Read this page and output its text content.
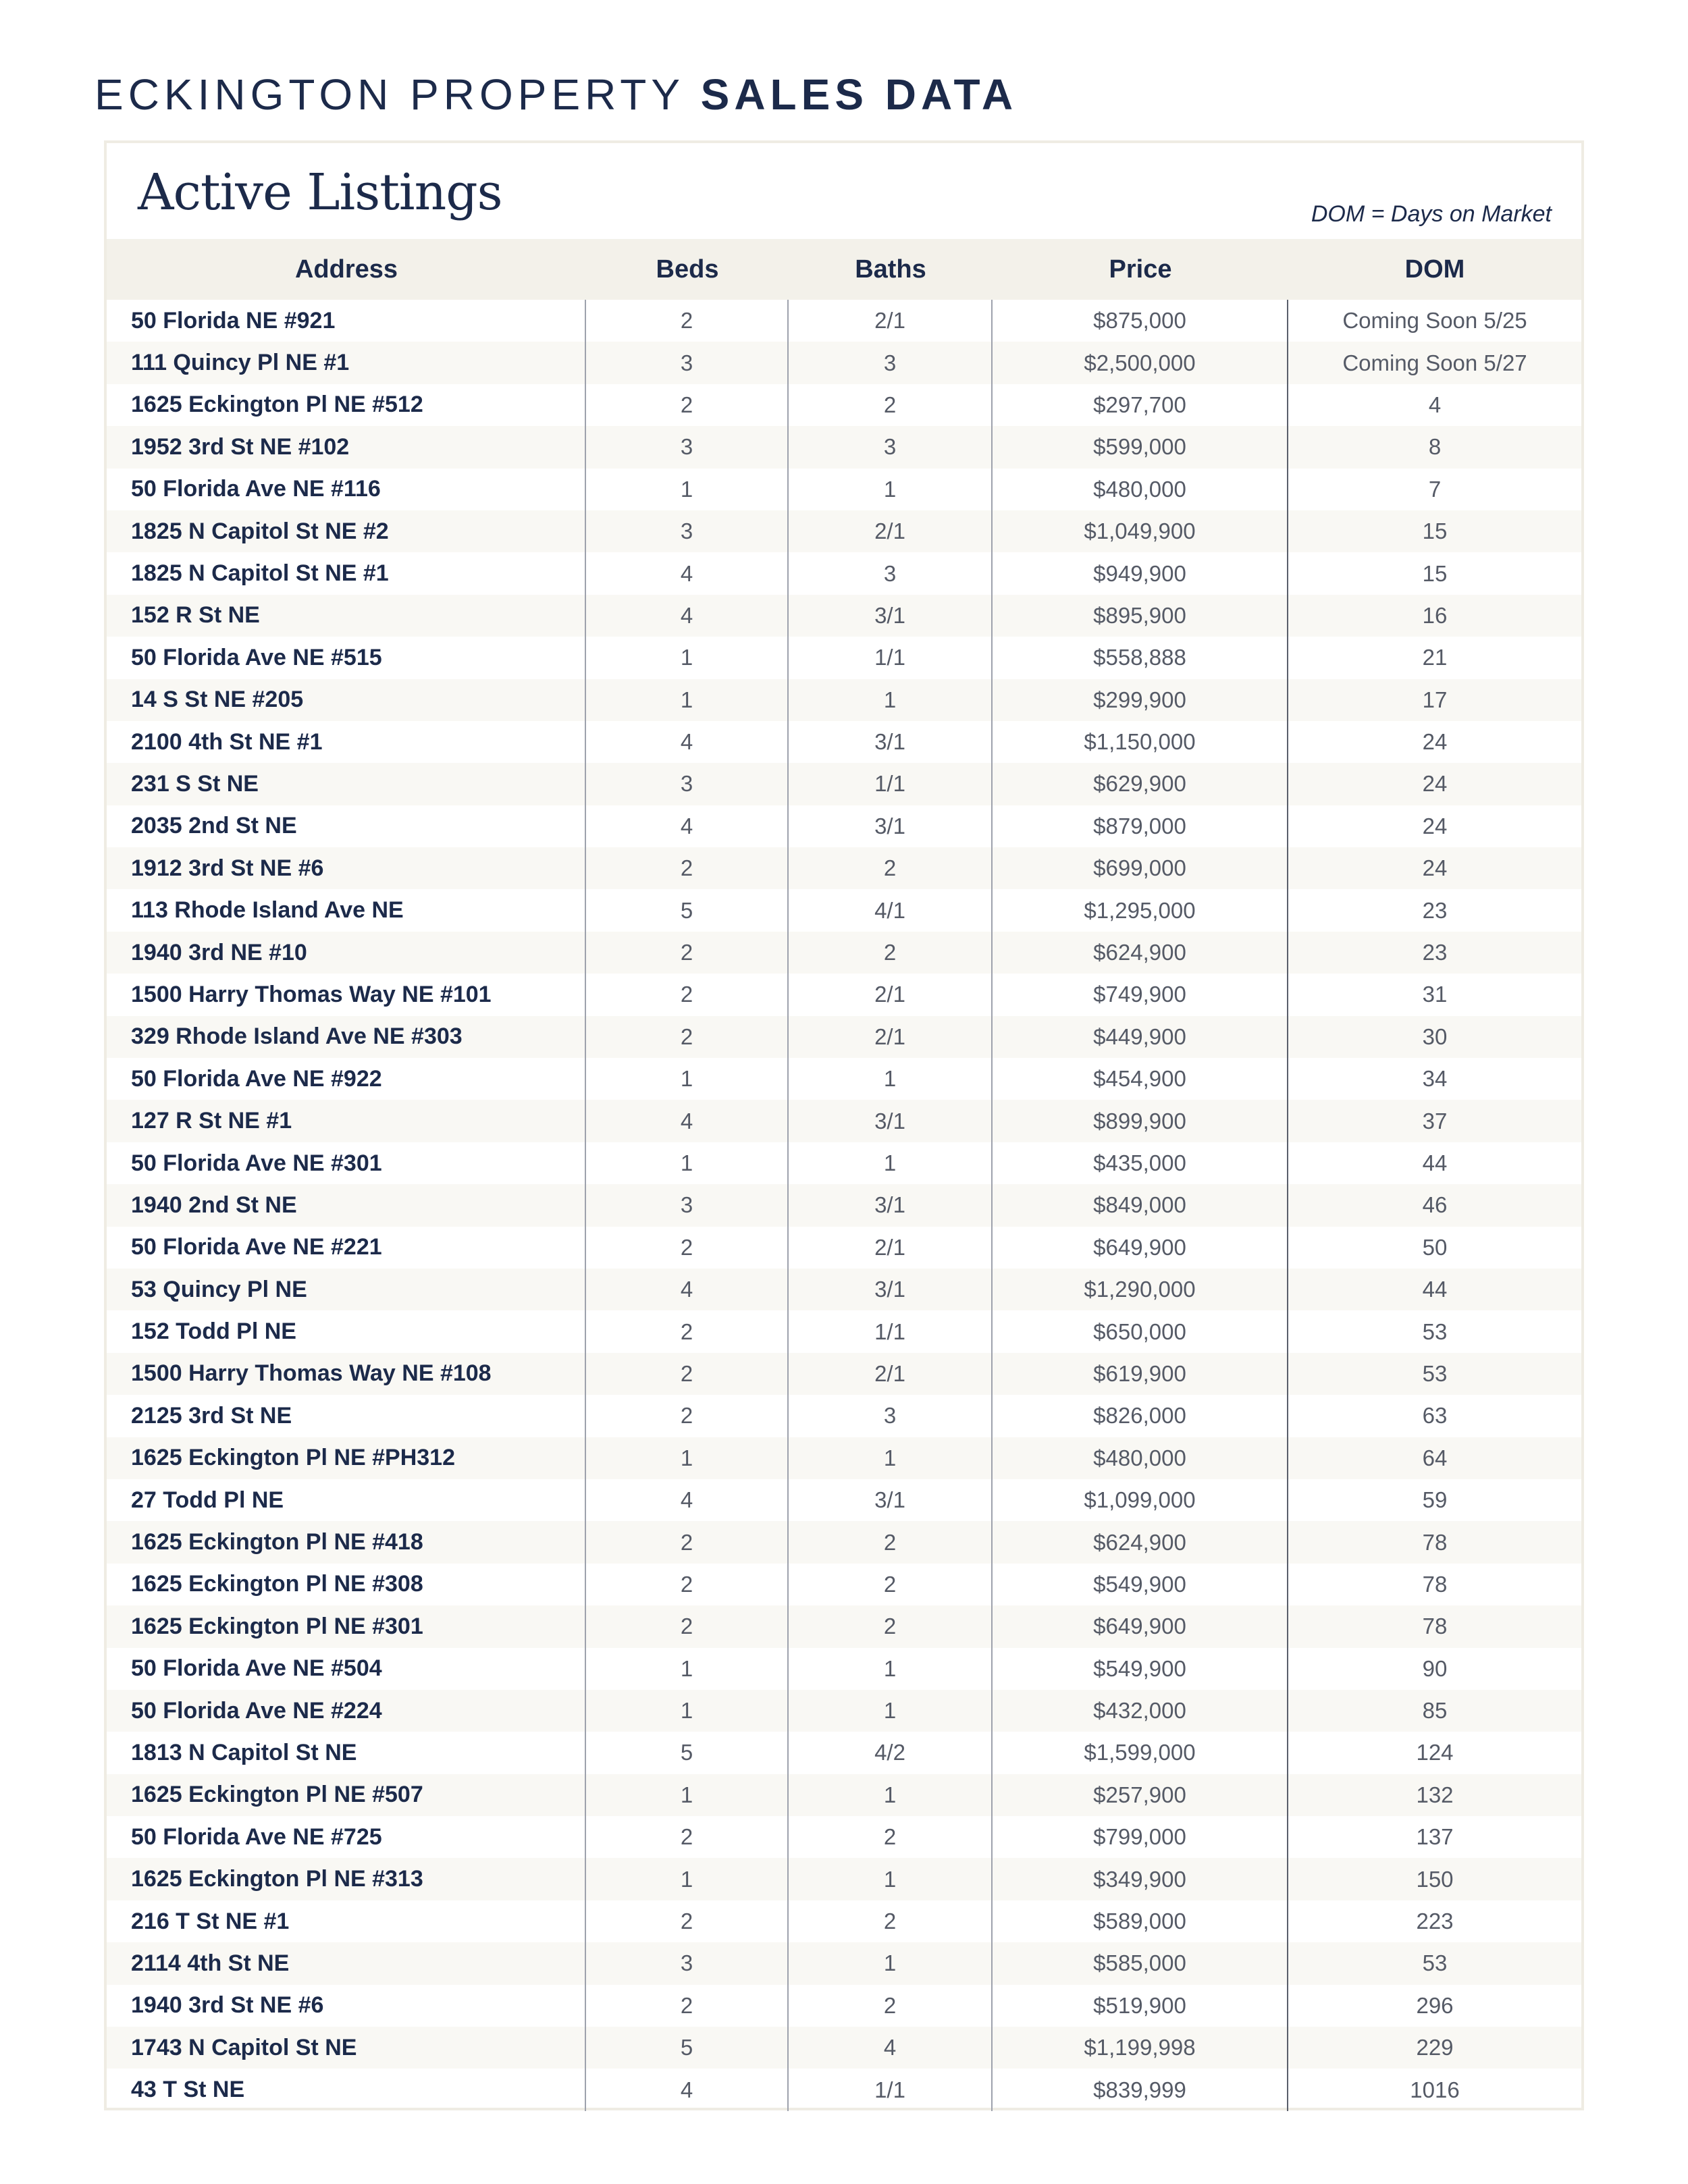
ECKINGTON PROPERTY SALES DATA
Active Listings	DOM = Days on Market
Address	Beds	Baths	Price	DOM
50 Florida NE #921	2	2/1	$875,000	Coming Soon 5/25
111 Quincy Pl NE #1	3	3	$2,500,000	Coming Soon 5/27
1625 Eckington Pl NE #512	2	2	$297,700	4
1952 3rd St NE #102	3	3	$599,000	8
50 Florida Ave NE #116	1	1	$480,000	7
1825 N Capitol St NE #2	3	2/1	$1,049,900	15
1825 N Capitol St NE #1	4	3	$949,900	15
152 R St NE	4	3/1	$895,900	16
50 Florida Ave NE #515	1	1/1	$558,888	21
14 S St NE #205	1	1	$299,900	17
2100 4th St NE #1	4	3/1	$1,150,000	24
231 S St NE	3	1/1	$629,900	24
2035 2nd St NE	4	3/1	$879,000	24
1912 3rd St NE #6	2	2	$699,000	24
113 Rhode Island Ave NE	5	4/1	$1,295,000	23
1940 3rd NE #10	2	2	$624,900	23
1500 Harry Thomas Way NE #101	2	2/1	$749,900	31
329 Rhode Island Ave NE #303	2	2/1	$449,900	30
50 Florida Ave NE #922	1	1	$454,900	34
127 R St NE #1	4	3/1	$899,900	37
50 Florida Ave NE #301	1	1	$435,000	44
1940 2nd St NE	3	3/1	$849,000	46
50 Florida Ave NE #221	2	2/1	$649,900	50
53 Quincy Pl NE	4	3/1	$1,290,000	44
152 Todd Pl NE	2	1/1	$650,000	53
1500 Harry Thomas Way NE #108	2	2/1	$619,900	53
2125 3rd St NE	2	3	$826,000	63
1625 Eckington Pl NE #PH312	1	1	$480,000	64
27 Todd Pl NE	4	3/1	$1,099,000	59
1625 Eckington Pl NE #418	2	2	$624,900	78
1625 Eckington Pl NE #308	2	2	$549,900	78
1625 Eckington Pl NE #301	2	2	$649,900	78
50 Florida Ave NE #504	1	1	$549,900	90
50 Florida Ave NE #224	1	1	$432,000	85
1813 N Capitol St NE	5	4/2	$1,599,000	124
1625 Eckington Pl NE #507	1	1	$257,900	132
50 Florida Ave NE #725	2	2	$799,000	137
1625 Eckington Pl NE #313	1	1	$349,900	150
216 T St NE #1	2	2	$589,000	223
2114 4th St NE	3	1	$585,000	53
1940 3rd St NE #6	2	2	$519,900	296
1743 N Capitol St NE	5	4	$1,199,998	229
43 T St NE	4	1/1	$839,999	1016
